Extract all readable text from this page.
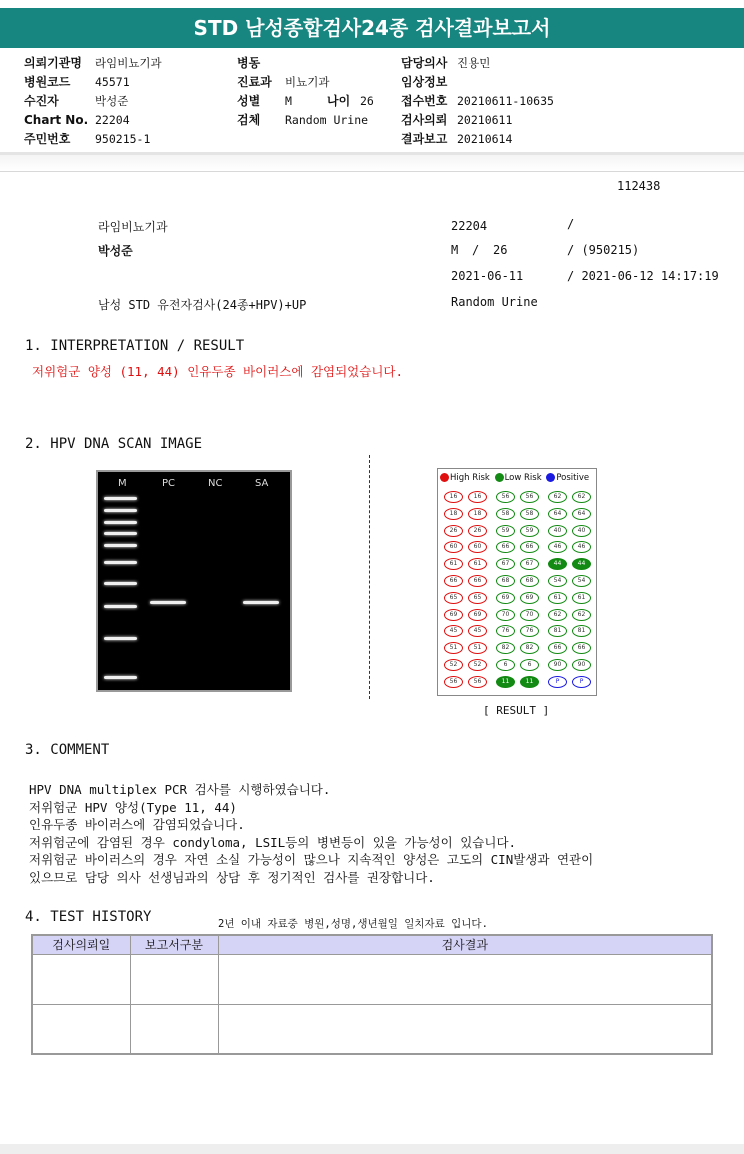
STD 남성종합검사24종 검사결과보고서
의뢰기관명 라임비뇨기과
병원코드 45571
수진자	박성준
Chart No. 22204
주민번호 950215-1
병동
진료과 비뇨기과
성별 M	나이 26
검체 Random Urine
담당의사 진용민
임상정보
접수번호 20210611-10635
검사의뢰 20210611
결과보고 20210614
112438
라임비뇨기과
박성준
남성 STD 유전자검사(24종+HPV)+UP
22204	/
M / 26	/ (950215)
2021-06-11	/ 2021-06-12 14:17:19
Random Urine
1. INTERPRETATION / RESULT
저위험군 양성 (11, 44) 인유두종 바이러스에 감염되었습니다.
2. HPV DNA SCAN IMAGE
M	PC	NC	SA	High Risk Low Risk Positive
16	16	56	56	62	62
18	18	58	58	64	64
26	26	59	59	40	40
60	60	66	66	46	46
61	61	67	67	44	44
66	66	68	68	54	54
65	65	69	69	61	61
69	69	70	70	62	62
45	45	76	76	81	81
51	51	82	82	66	66
52	52	6	6	90	90
56	56	11	11	P	P
[ RESULT ]
3. COMMENT
HPV DNA multiplex PCR 검사를 시행하였습니다.
저위험군 HPV 양성(Type 11, 44)
인유두종 바이러스에 감염되었습니다.
저위험군에 감염된 경우 condyloma, LSIL등의 병변등이 있을 가능성이 있습니다.
저위험군 바이러스의 경우 자연 소실 가능성이 많으나 지속적인 양성은 고도의 CIN발생과 연관이
있으므로 담당 의사 선생님과의 상담 후 정기적인 검사를 권장합니다.
4. TEST HISTORY	2년 이내 자료중 병원,성명,생년월일 일치자료 입니다.
검사의뢰일	보고서구분	검사결과
